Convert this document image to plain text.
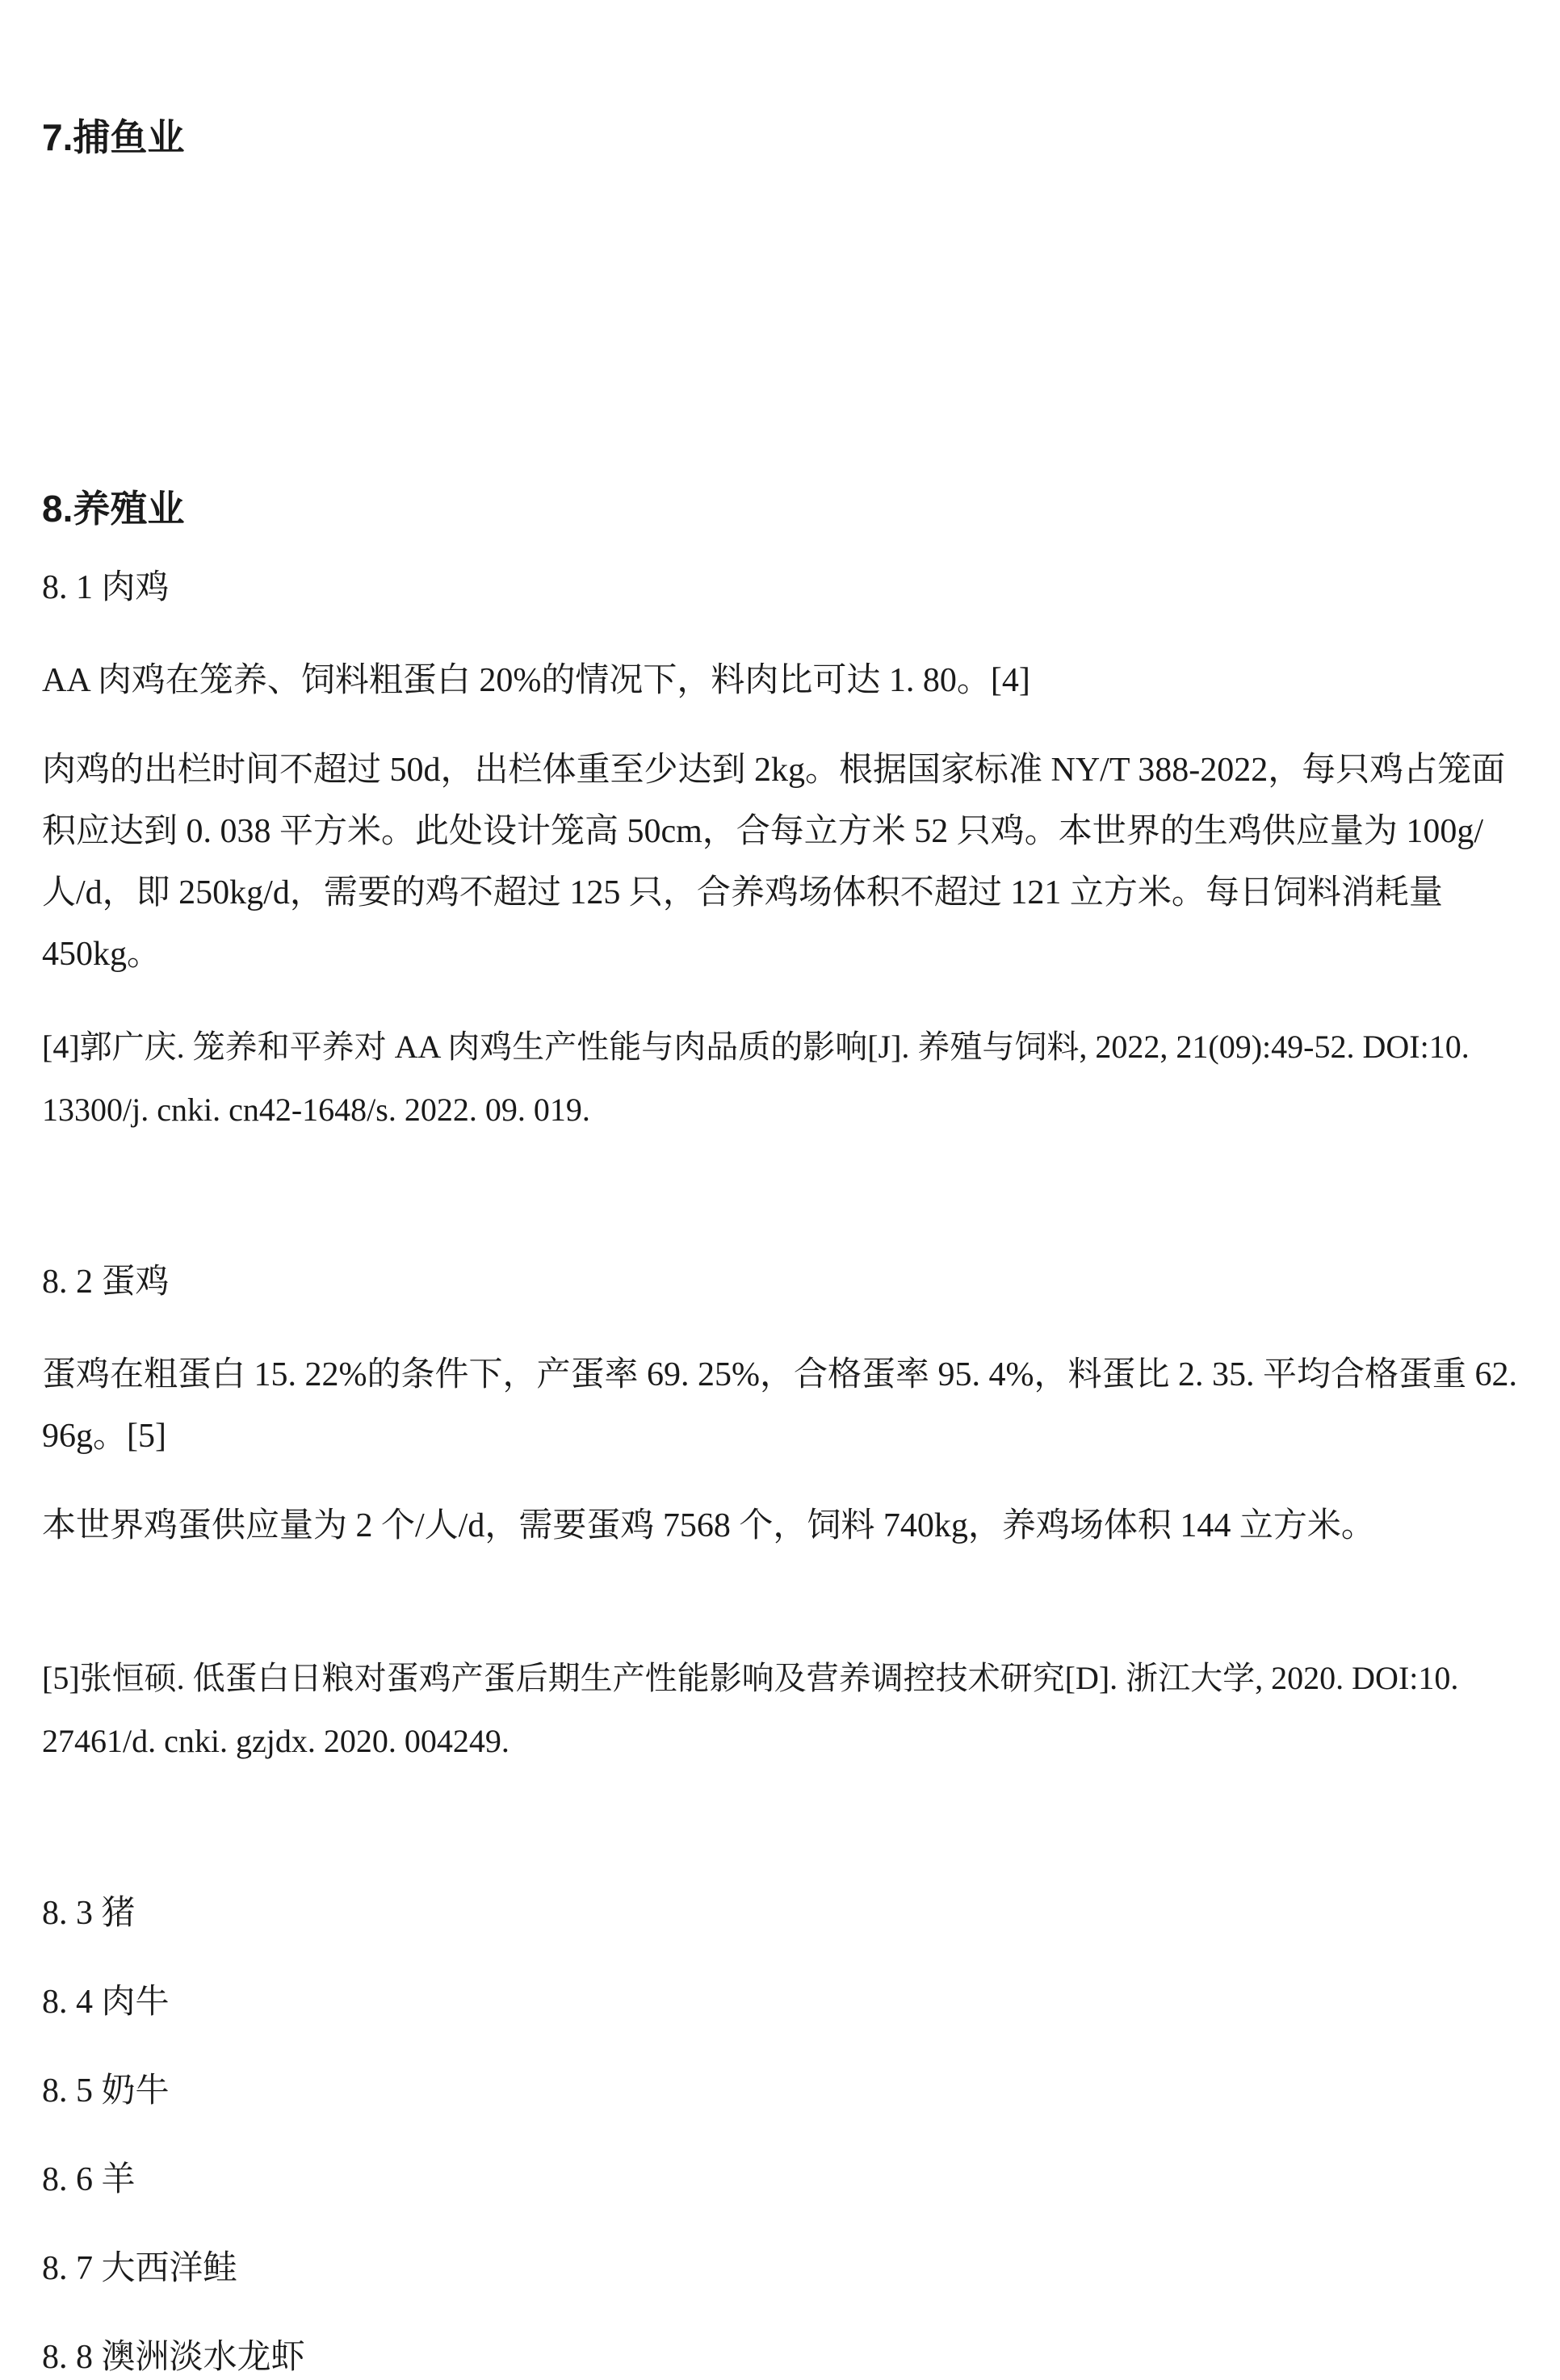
7.捕鱼业
8.养殖业
8. 1 肉鸡

AA 肉鸡在笼养、饲料粗蛋白 20%的情况下，料肉比可达 1. 80。[4]

肉鸡的出栏时间不超过 50d，出栏体重至少达到 2kg。根据国家标准 NY/T 388-2022，每只鸡占笼面积应达到 0. 038 平方米。此处设计笼高 50cm，合每立方米 52 只鸡。本世界的生鸡供应量为 100g/人/d，即 250kg/d，需要的鸡不超过 125 只，合养鸡场体积不超过 121 立方米。每日饲料消耗量 450kg。

[4]郭广庆. 笼养和平养对 AA 肉鸡生产性能与肉品质的影响[J]. 养殖与饲料, 2022, 21(09):49-52. DOI:10. 13300/j. cnki. cn42-1648/s. 2022. 09. 019.

8. 2 蛋鸡

蛋鸡在粗蛋白 15. 22%的条件下，产蛋率 69. 25%，合格蛋率 95. 4%，料蛋比 2. 35. 平均合格蛋重 62. 96g。[5]

本世界鸡蛋供应量为 2 个/人/d，需要蛋鸡 7568 个，饲料 740kg，养鸡场体积 144 立方米。

[5]张恒硕. 低蛋白日粮对蛋鸡产蛋后期生产性能影响及营养调控技术研究[D]. 浙江大学, 2020. DOI:10. 27461/d. cnki. gzjdx. 2020. 004249.

8. 3 猪
8. 4 肉牛
8. 5 奶牛
8. 6 羊
8. 7 大西洋鲑
8. 8 澳洲淡水龙虾
